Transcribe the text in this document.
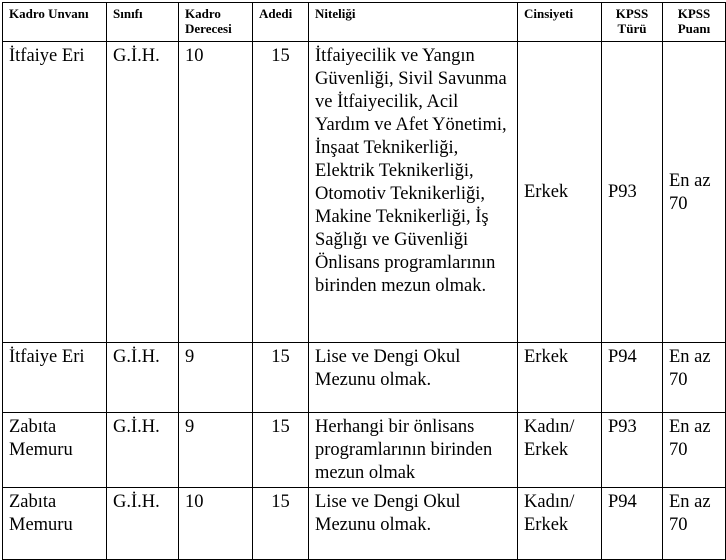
Kadro Unvanı	Sınıfı	Kadro Derecesi	Adedi	Niteliği	Cinsiyeti	KPSS Türü	KPSS Puanı
İtfaiye Eri	G.İ.H.	10	15	İtfaiyecilik ve Yangın Güvenliği, Sivil Savunma ve İtfaiyecilik, Acil Yardım ve Afet Yönetimi, İnşaat Teknikerliği, Elektrik Teknikerliği, Otomotiv Teknikerliği, Makine Teknikerliği, İş Sağlığı ve Güvenliği Önlisans programlarının birinden mezun olmak.	Erkek	P93	En az 70
İtfaiye Eri	G.İ.H.	9	15	Lise ve Dengi Okul Mezunu olmak.	Erkek	P94	En az 70
Zabıta Memuru	G.İ.H.	9	15	Herhangi bir önlisans programlarının birinden mezun olmak	Kadın/ Erkek	P93	En az 70
Zabıta Memuru	G.İ.H.	10	15	Lise ve Dengi Okul Mezunu olmak.	Kadın/ Erkek	P94	En az 70
